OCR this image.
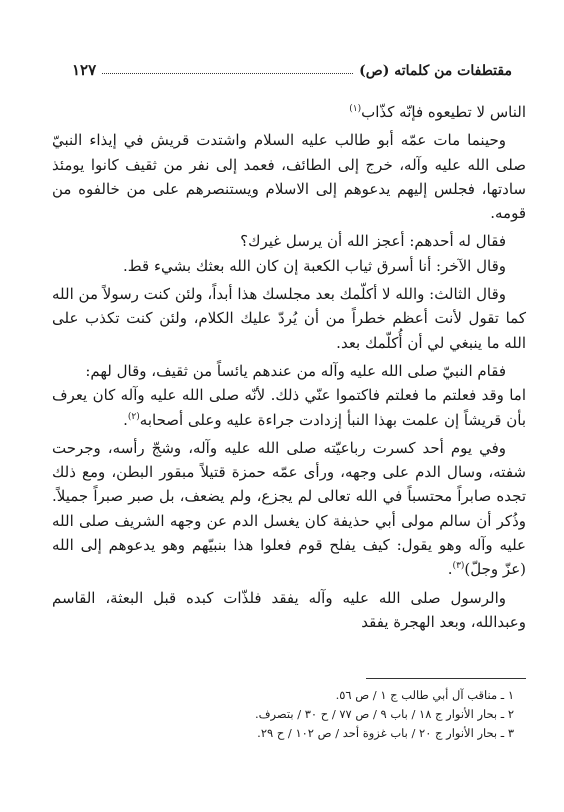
مقتطفات من كلماته (ص)
١٢٧

الناس لا تطيعوه فإنّه كذّاب$^{(١)}$

وحينما مات عمّه أبو طالب عليه السلام واشتدت قريش في إيذاء النبيّ صلى الله عليه وآله، خرج إلى الطائف، فعمد إلى نفر من ثقيف كانوا يومئذ سادتها، فجلس إليهم يدعوهم إلى الاسلام ويستنصرهم على من خالفوه من قومه.

فقال له أحدهم: أعجز الله أن يرسل غيرك؟

وقال الآخر: أنا أسرق ثياب الكعبة إن كان الله بعثك بشيء قط.

وقال الثالث: والله لا أكلّمك بعد مجلسك هذا أبداً، ولئن كنت رسولاً من الله كما تقول لأنت أعظم خطراً من أن يُردّ عليك الكلام، ولئن كنت تكذب على الله ما ينبغي لي أن أُكلّمك بعد.

فقام النبيّ صلى الله عليه وآله من عندهم يائساً من ثقيف، وقال لهم:

اما وقد فعلتم ما فعلتم فاكتموا عنّي ذلك. لأنّه صلى الله عليه وآله كان يعرف بأن قريشاً إن علمت بهذا النبأ إزدادت جراءة عليه وعلى أصحابه$^{(٢)}$.

وفي يوم أحد كسرت رباعيّته صلى الله عليه وآله، وشجّ رأسه، وجرحت شفته، وسال الدم على وجهه، ورأى عمّه حمزة قتيلاً مبقور البطن، ومع ذلك تجده صابراً محتسباً في الله تعالى لم يجزع، ولم يضعف، بل صبر صبراً جميلاً. وذُكر أن سالم مولى أبي حذيفة كان يغسل الدم عن وجهه الشريف صلى الله عليه وآله وهو يقول: كيف يفلح قوم فعلوا هذا بنبيّهم وهو يدعوهم إلى الله (عزّ وجلّ)$^{(٣)}$.

والرسول صلى الله عليه وآله يفقد فلذّات كبده قبل البعثة، القاسم وعبدالله، وبعد الهجرة يفقد

١ ـ مناقب آل أبي طالب ج ١ / ص ٥٦.
٢ ـ بحار الأنوار ج ١٨ / باب ٩ / ص ٧٧ / ح ٣٠ / بتصرف.
٣ ـ بحار الأنوار ج ٢٠ / باب غزوة أحد / ص ١٠٢ / ح ٢٩.
